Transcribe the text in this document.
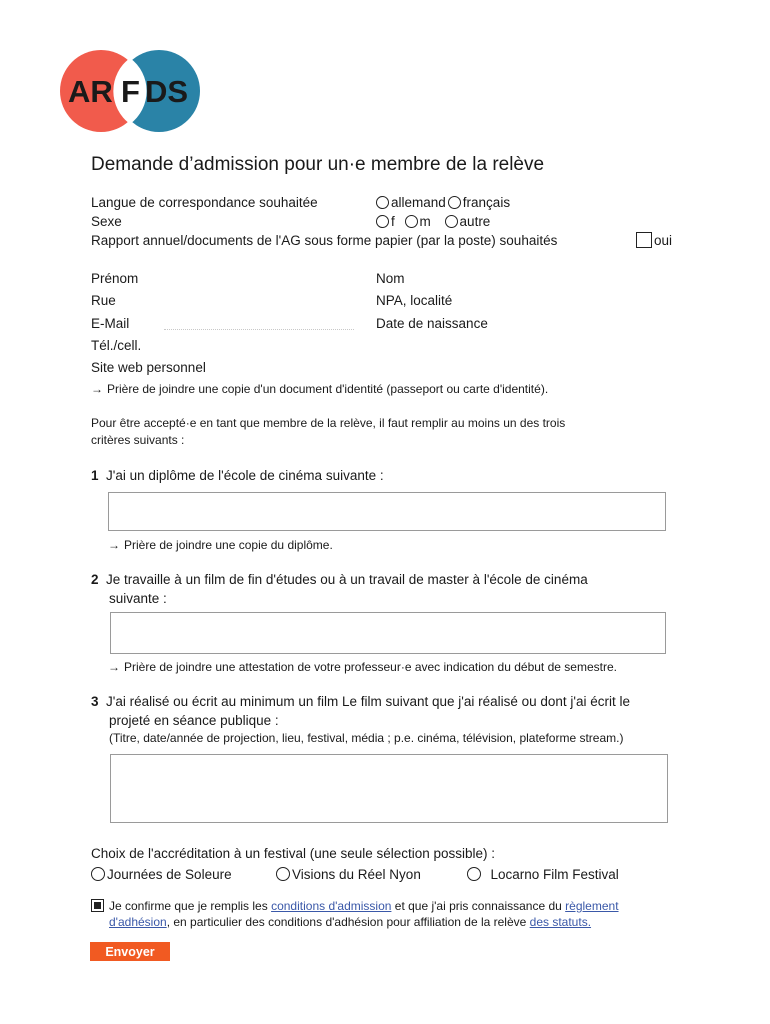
AR F DS
Demande d’admission pour un·e membre de la relève
Langue de correspondance souhaitée	allemand français
Sexe	f m autre
Rapport annuel/documents de l'AG sous forme papier (par la poste) souhaités	oui
Prénom	Nom
Rue	NPA, localité
E-Mail	Date de naissance
Tél./cell.
Site web personnel
→ Prière de joindre une copie d'un document d'identité (passeport ou carte d'identité).
Pour être accepté·e en tant que membre de la relève, il faut remplir au moins un des trois
critères suivants :
1 J'ai un diplôme de l'école de cinéma suivante :
→ Prière de joindre une copie du diplôme.
2 Je travaille à un film de fin d'études ou à un travail de master à l'école de cinéma
suivante :
→ Prière de joindre une attestation de votre professeur·e avec indication du début de semestre.
3 J'ai réalisé ou écrit au minimum un film Le film suivant que j'ai réalisé ou dont j'ai écrit le
projeté en séance publique :
(Titre, date/année de projection, lieu, festival, média ; p.e. cinéma, télévision, plateforme stream.)
Choix de l'accréditation à un festival (une seule sélection possible) :
Journées de Soleure	Visions du Réel Nyon	Locarno Film Festival
Je confirme que je remplis les conditions d'admission et que j'ai pris connaissance du règlement
d'adhésion, en particulier des conditions d'adhésion pour affiliation de la relève des statuts.
Envoyer
